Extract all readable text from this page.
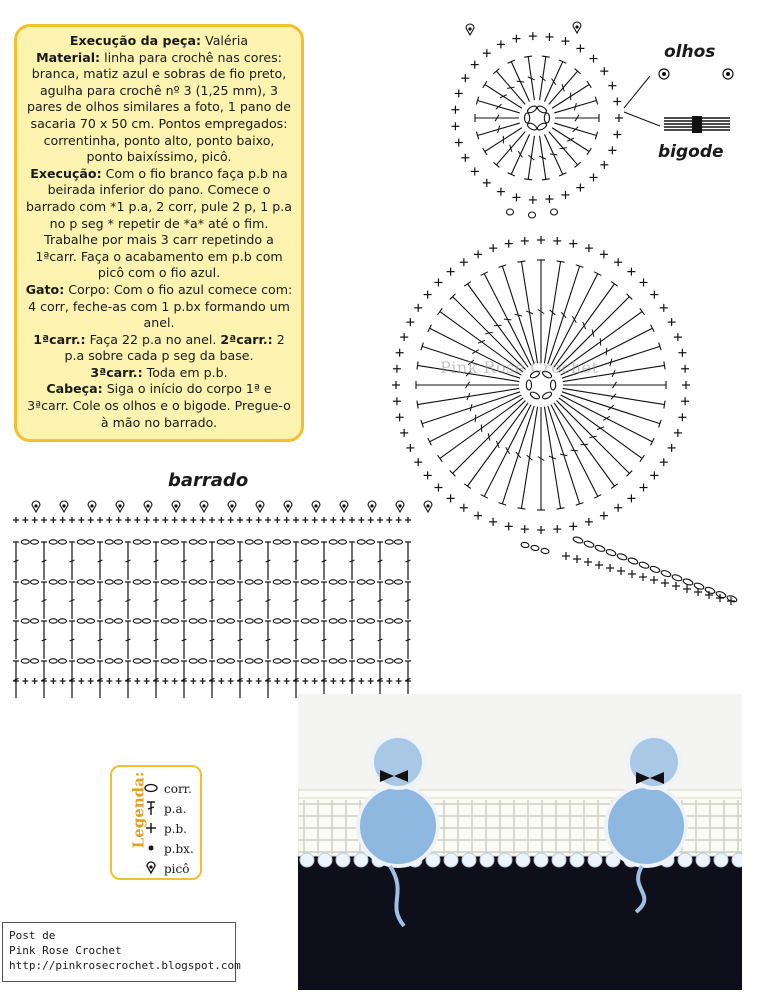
Execução da peça: Valéria

Material: linha para crochê nas cores: branca, matiz azul e sobras de fio preto, agulha para crochê nº 3 (1,25 mm), 3 pares de olhos similares a foto, 1 pano de sacaria 70 x 50 cm. Pontos empregados: correntinha, ponto alto, ponto baixo, ponto baixíssimo, picô.

Execução: Com o fio branco faça p.b na beirada inferior do pano. Comece o barrado com *1 p.a, 2 corr, pule 2 p, 1 p.a no p seg * repetir de *a* até o fim. Trabalhe por mais 3 carr repetindo a 1ªcarr. Faça o acabamento em p.b com picô com o fio azul.

Gato: Corpo: Com o fio azul comece com: 4 corr, feche-as com 1 p.bx formando um anel.

1ªcarr.: Faça 22 p.a no anel. 2ªcarr.: 2 p.a sobre cada p seg da base.

3ªcarr.: Toda em p.b.

Cabeça: Siga o início do corpo 1ª e 3ªcarr. Cole os olhos e o bigode. Pregue-o à mão no barrado.

olhos
bigode
barrado
Pink Rose Crochet
Legenda: corr.
p.a.
p.b.
p.bx.
picô
Post de
Pink Rose Crochet
http://pinkrosecrochet.blogspot.com
